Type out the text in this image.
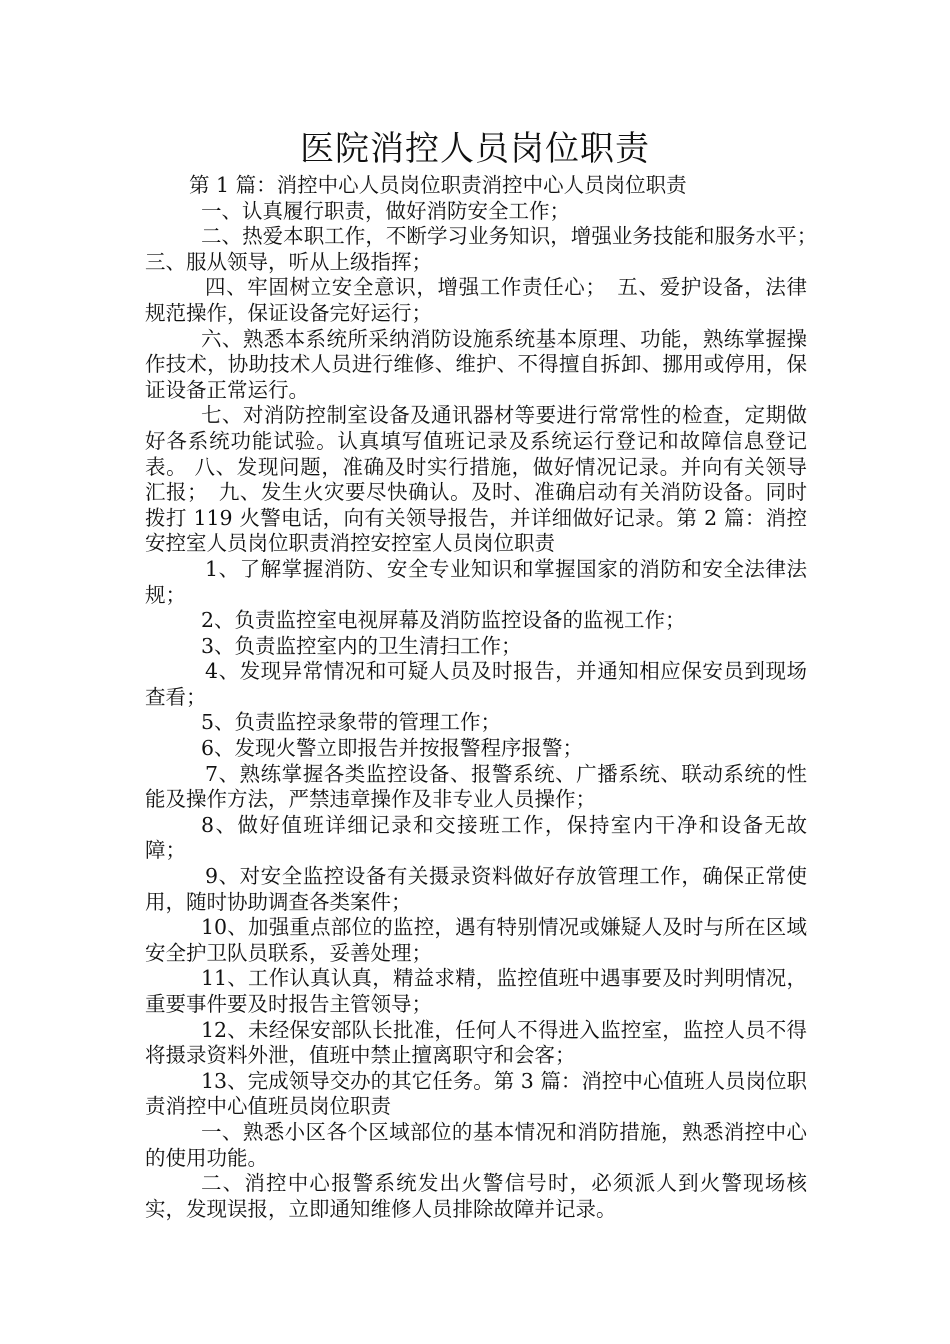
医院消控人员岗位职责

第 1 篇：消控中心人员岗位职责消控中心人员岗位职责

一、认真履行职责，做好消防安全工作；

二、热爱本职工作，不断学习业务知识，增强业务技能和服务水平；　三、服从领导，听从上级指挥；

四、牢固树立安全意识，增强工作责任心；　五、爱护设备，法律规范操作，保证设备完好运行；

六、熟悉本系统所采纳消防设施系统基本原理、功能，熟练掌握操作技术，协助技术人员进行维修、维护、不得擅自拆卸、挪用或停用，保证设备正常运行。

七、对消防控制室设备及通讯器材等要进行常常性的检查，定期做好各系统功能试验。认真填写值班记录及系统运行登记和故障信息登记表。 八、发现问题，准确及时实行措施，做好情况记录。并向有关领导汇报；　九、发生火灾要尽快确认。及时、准确启动有关消防设备。同时拨打 119 火警电话，向有关领导报告，并详细做好记录。第 2 篇：消控安控室人员岗位职责消控安控室人员岗位职责

1、了解掌握消防、安全专业知识和掌握国家的消防和安全法律法规；

2、负责监控室电视屏幕及消防监控设备的监视工作；

3、负责监控室内的卫生清扫工作；

4、发现异常情况和可疑人员及时报告，并通知相应保安员到现场查看；

5、负责监控录象带的管理工作；

6、发现火警立即报告并按报警程序报警；

7、熟练掌握各类监控设备、报警系统、广播系统、联动系统的性能及操作方法，严禁违章操作及非专业人员操作；

8、做好值班详细记录和交接班工作，保持室内干净和设备无故障；

9、对安全监控设备有关摄录资料做好存放管理工作，确保正常使用，随时协助调查各类案件；

10、加强重点部位的监控，遇有特别情况或嫌疑人及时与所在区域安全护卫队员联系，妥善处理；

11、工作认真认真，精益求精，监控值班中遇事要及时判明情况，重要事件要及时报告主管领导；

12、未经保安部队长批准，任何人不得进入监控室，监控人员不得将摄录资料外泄，值班中禁止擅离职守和会客；

13、完成领导交办的其它任务。第 3 篇：消控中心值班人员岗位职责消控中心值班员岗位职责

一、熟悉小区各个区域部位的基本情况和消防措施，熟悉消控中心的使用功能。

二、消控中心报警系统发出火警信号时，必须派人到火警现场核实，发现误报，立即通知维修人员排除故障并记录。
